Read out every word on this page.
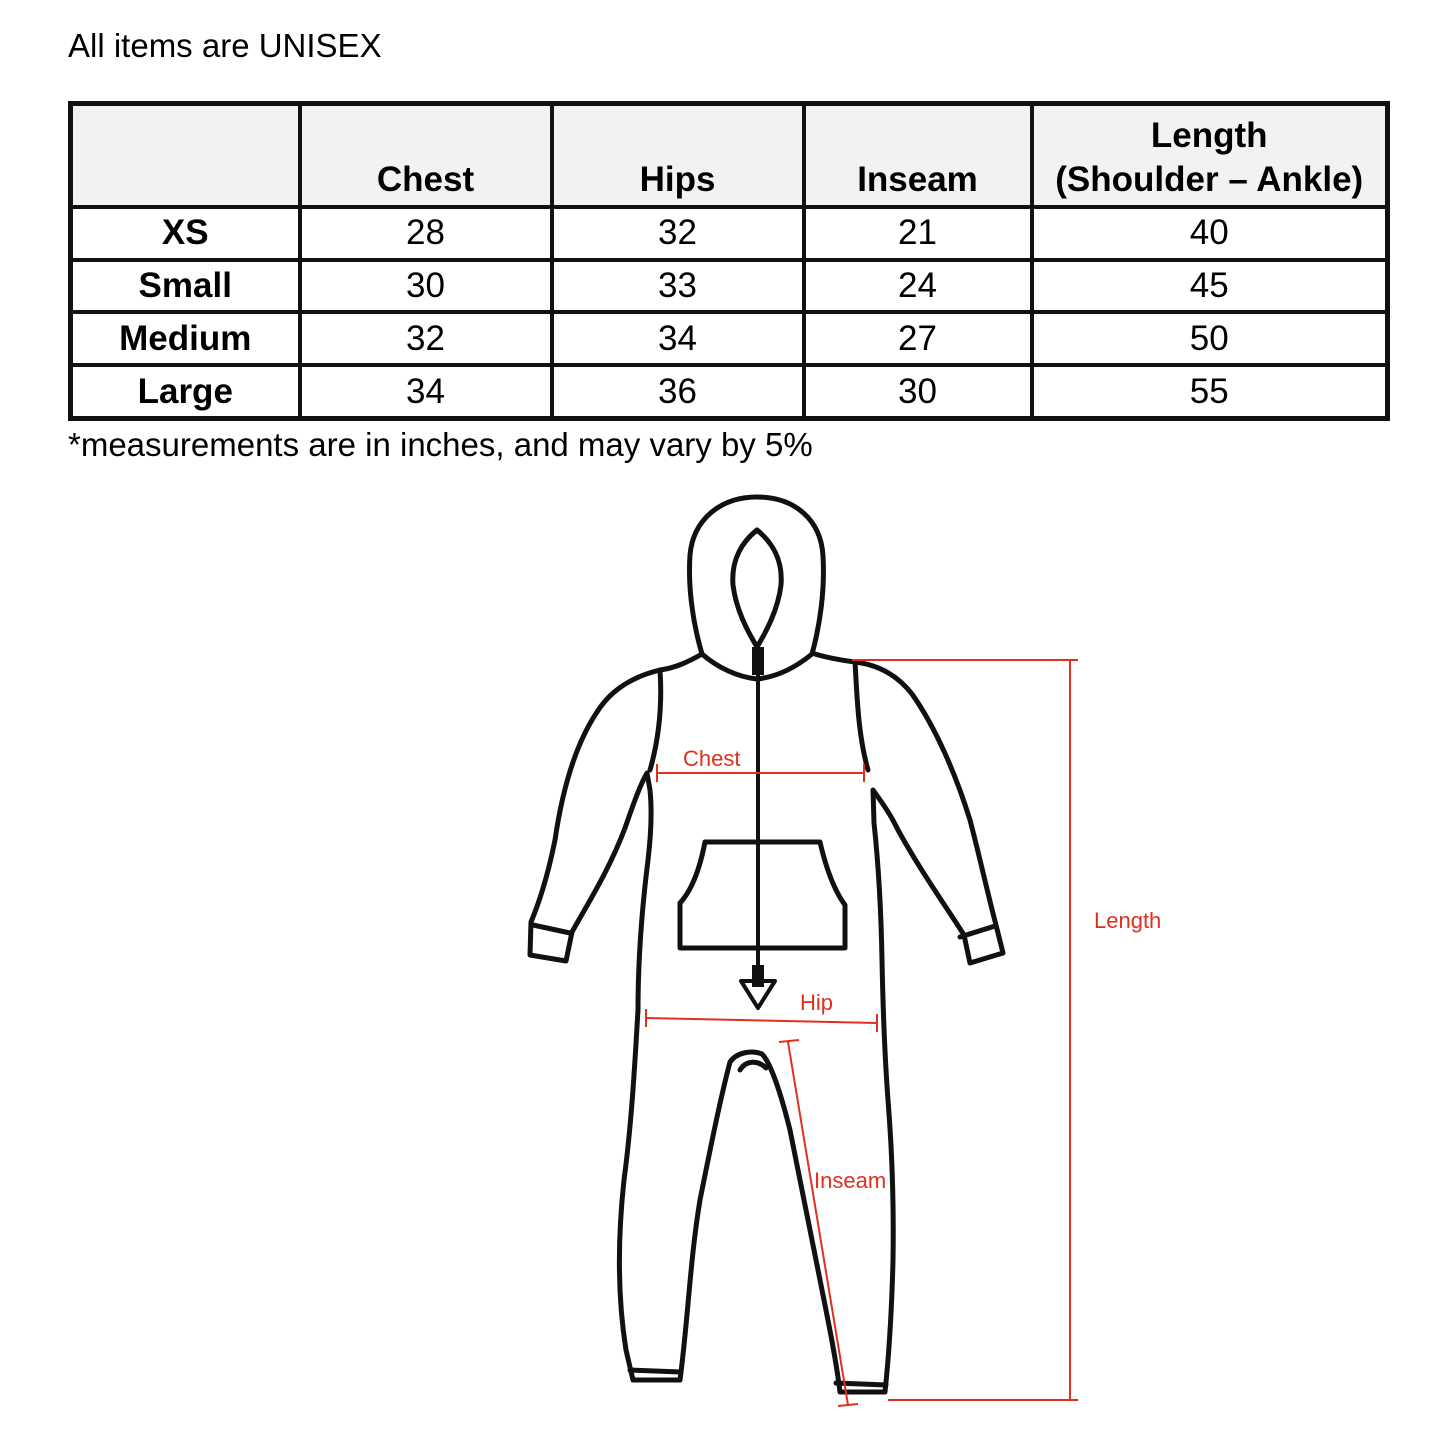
All items are UNISEX
	Chest	Hips	Inseam	Length
(Shoulder – Ankle)

XS	28	32	21	40
Small	30	33	24	45
Medium	32	34	27	50
Large	34	36	30	55
*measurements are in inches, and may vary by 5%
Chest
Hip
Inseam
Length
